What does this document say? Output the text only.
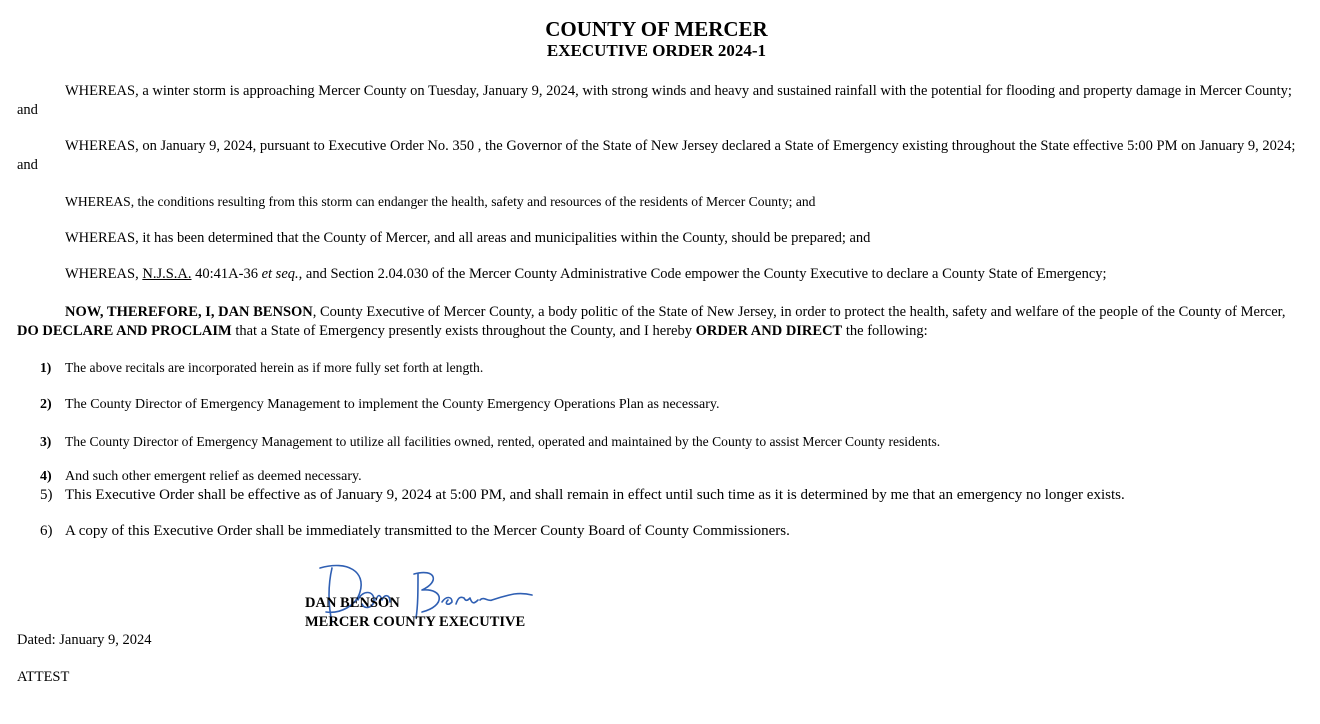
COUNTY OF MERCER
EXECUTIVE ORDER 2024-1

WHEREAS, a winter storm is approaching Mercer County on Tuesday, January 9, 2024, with strong winds and heavy and sustained rainfall with the potential for flooding and property damage in Mercer County; and

WHEREAS, on January 9, 2024, pursuant to Executive Order No. 350 , the Governor of the State of New Jersey declared a State of Emergency existing throughout the State effective 5:00 PM on January 9, 2024; and

WHEREAS, the conditions resulting from this storm can endanger the health, safety and resources of the residents of Mercer County; and

WHEREAS, it has been determined that the County of Mercer, and all areas and municipalities within the County, should be prepared; and

WHEREAS, N.J.S.A. 40:41A-36 et seq., and Section 2.04.030 of the Mercer County Administrative Code empower the County Executive to declare a County State of Emergency;

NOW, THEREFORE, I, DAN BENSON, County Executive of Mercer County, a body politic of the State of New Jersey, in order to protect the health, safety and welfare of the people of the County of Mercer, DO DECLARE AND PROCLAIM that a State of Emergency presently exists throughout the County, and I hereby ORDER AND DIRECT the following:

1) The above recitals are incorporated herein as if more fully set forth at length.
2) The County Director of Emergency Management to implement the County Emergency Operations Plan as necessary.
3) The County Director of Emergency Management to utilize all facilities owned, rented, operated and maintained by the County to assist Mercer County residents.
4) And such other emergent relief as deemed necessary.
5) This Executive Order shall be effective as of January 9, 2024 at 5:00 PM, and shall remain in effect until such time as it is determined by me that an emergency no longer exists.
6) A copy of this Executive Order shall be immediately transmitted to the Mercer County Board of County Commissioners.
DAN BENSON
MERCER COUNTY EXECUTIVE
Dated: January 9, 2024
ATTEST
